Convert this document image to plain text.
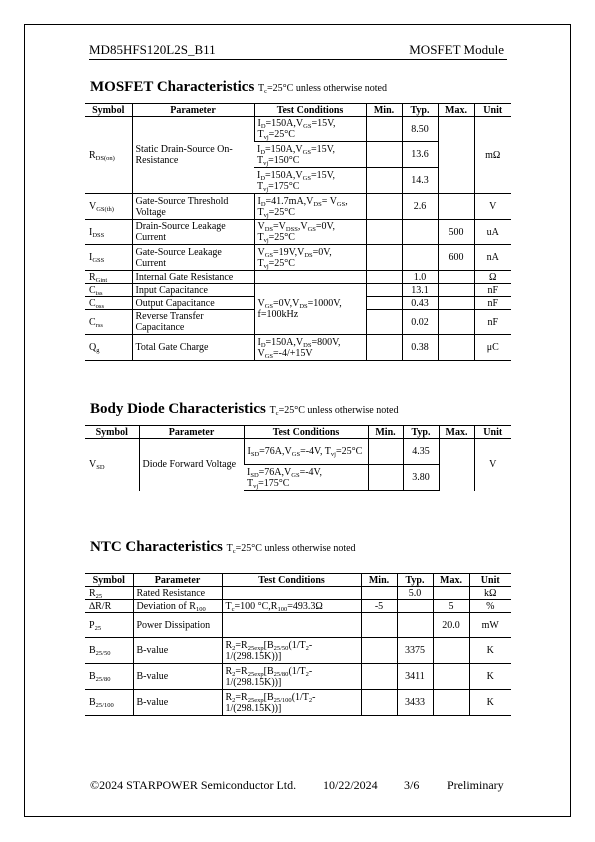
MD85HFS120L2S_B11	MOSFET Module
MOSFET Characteristics $T_c=25^\circ C$ unless otherwise noted
Symbol	Parameter	Test Conditions	Min.	Typ.	Max.	Unit
$R_{DS(on)}$	Static Drain-Source On-Resistance	$I_D=150A,V_{GS}=15V$, $T_{vj}=25^\circ C$		8.50		mΩ
		$I_D=150A,V_{GS}=15V$, $T_{vj}=150^\circ C$		13.6		
		$I_D=150A,V_{GS}=15V$, $T_{vj}=175^\circ C$		14.3		
$V_{GS(th)}$	Gate-Source Threshold Voltage	$I_D=41.7mA,V_{DS}= V_{GS}$, $T_{vj}=25^\circ C$		2.6		V
$I_{DSS}$	Drain-Source Leakage Current	$V_{DS}=V_{DSS},V_{GS}=0V$, $T_{vj}=25^\circ C$			500	uA
$I_{GSS}$	Gate-Source Leakage Current	$V_{GS}=19V,V_{DS}=0V$, $T_{vj}=25^\circ C$			600	nA
$R_{Gint}$	Internal Gate Resistance			1.0		Ω
$C_{iss}$	Input Capacitance	$V_{GS}=0V,V_{DS}=1000V$, f=100kHz		13.1		nF
$C_{oss}$	Output Capacitance			0.43		nF
$C_{rss}$	Reverse Transfer Capacitance			0.02		nF
$Q_g$	Total Gate Charge	$I_D=150A,V_{DS}=800V$, $V_{GS}=-4/+15V$		0.38		μC
Body Diode Characteristics $T_c=25^\circ C$ unless otherwise noted
Symbol	Parameter	Test Conditions	Min.	Typ.	Max.	Unit
$V_{SD}$	Diode Forward Voltage	$I_{SD}=76A,V_{GS}=-4V$, $T_{vj}=25^\circ C$		4.35		V
		$I_{SD}=76A,V_{GS}=-4V$, $T_{vj}=175^\circ C$		3.80		
NTC Characteristics $T_c=25^\circ C$ unless otherwise noted
Symbol	Parameter	Test Conditions	Min.	Typ.	Max.	Unit
$R_{25}$	Rated Resistance			5.0		kΩ
∆R/R	Deviation of $R_{100}$	$T_c=100$ $^\circ C,R_{100}=493.3\Omega$	-5		5	%
$P_{25}$	Power Dissipation				20.0	mW
$B_{25/50}$	B-value	$R_2=R_{25exp}[B_{25/50}(1/T_2-$ 1/(298.15K))]		3375		K
$B_{25/80}$	B-value	$R_2=R_{25exp}[B_{25/80}(1/T_2-$ 1/(298.15K))]		3411		K
$B_{25/100}$	B-value	$R_2=R_{25exp}[B_{25/100}(1/T_2-$ 1/(298.15K))]		3433		K
©2024 STARPOWER Semiconductor Ltd. 10/22/2024 3/6 Preliminary
